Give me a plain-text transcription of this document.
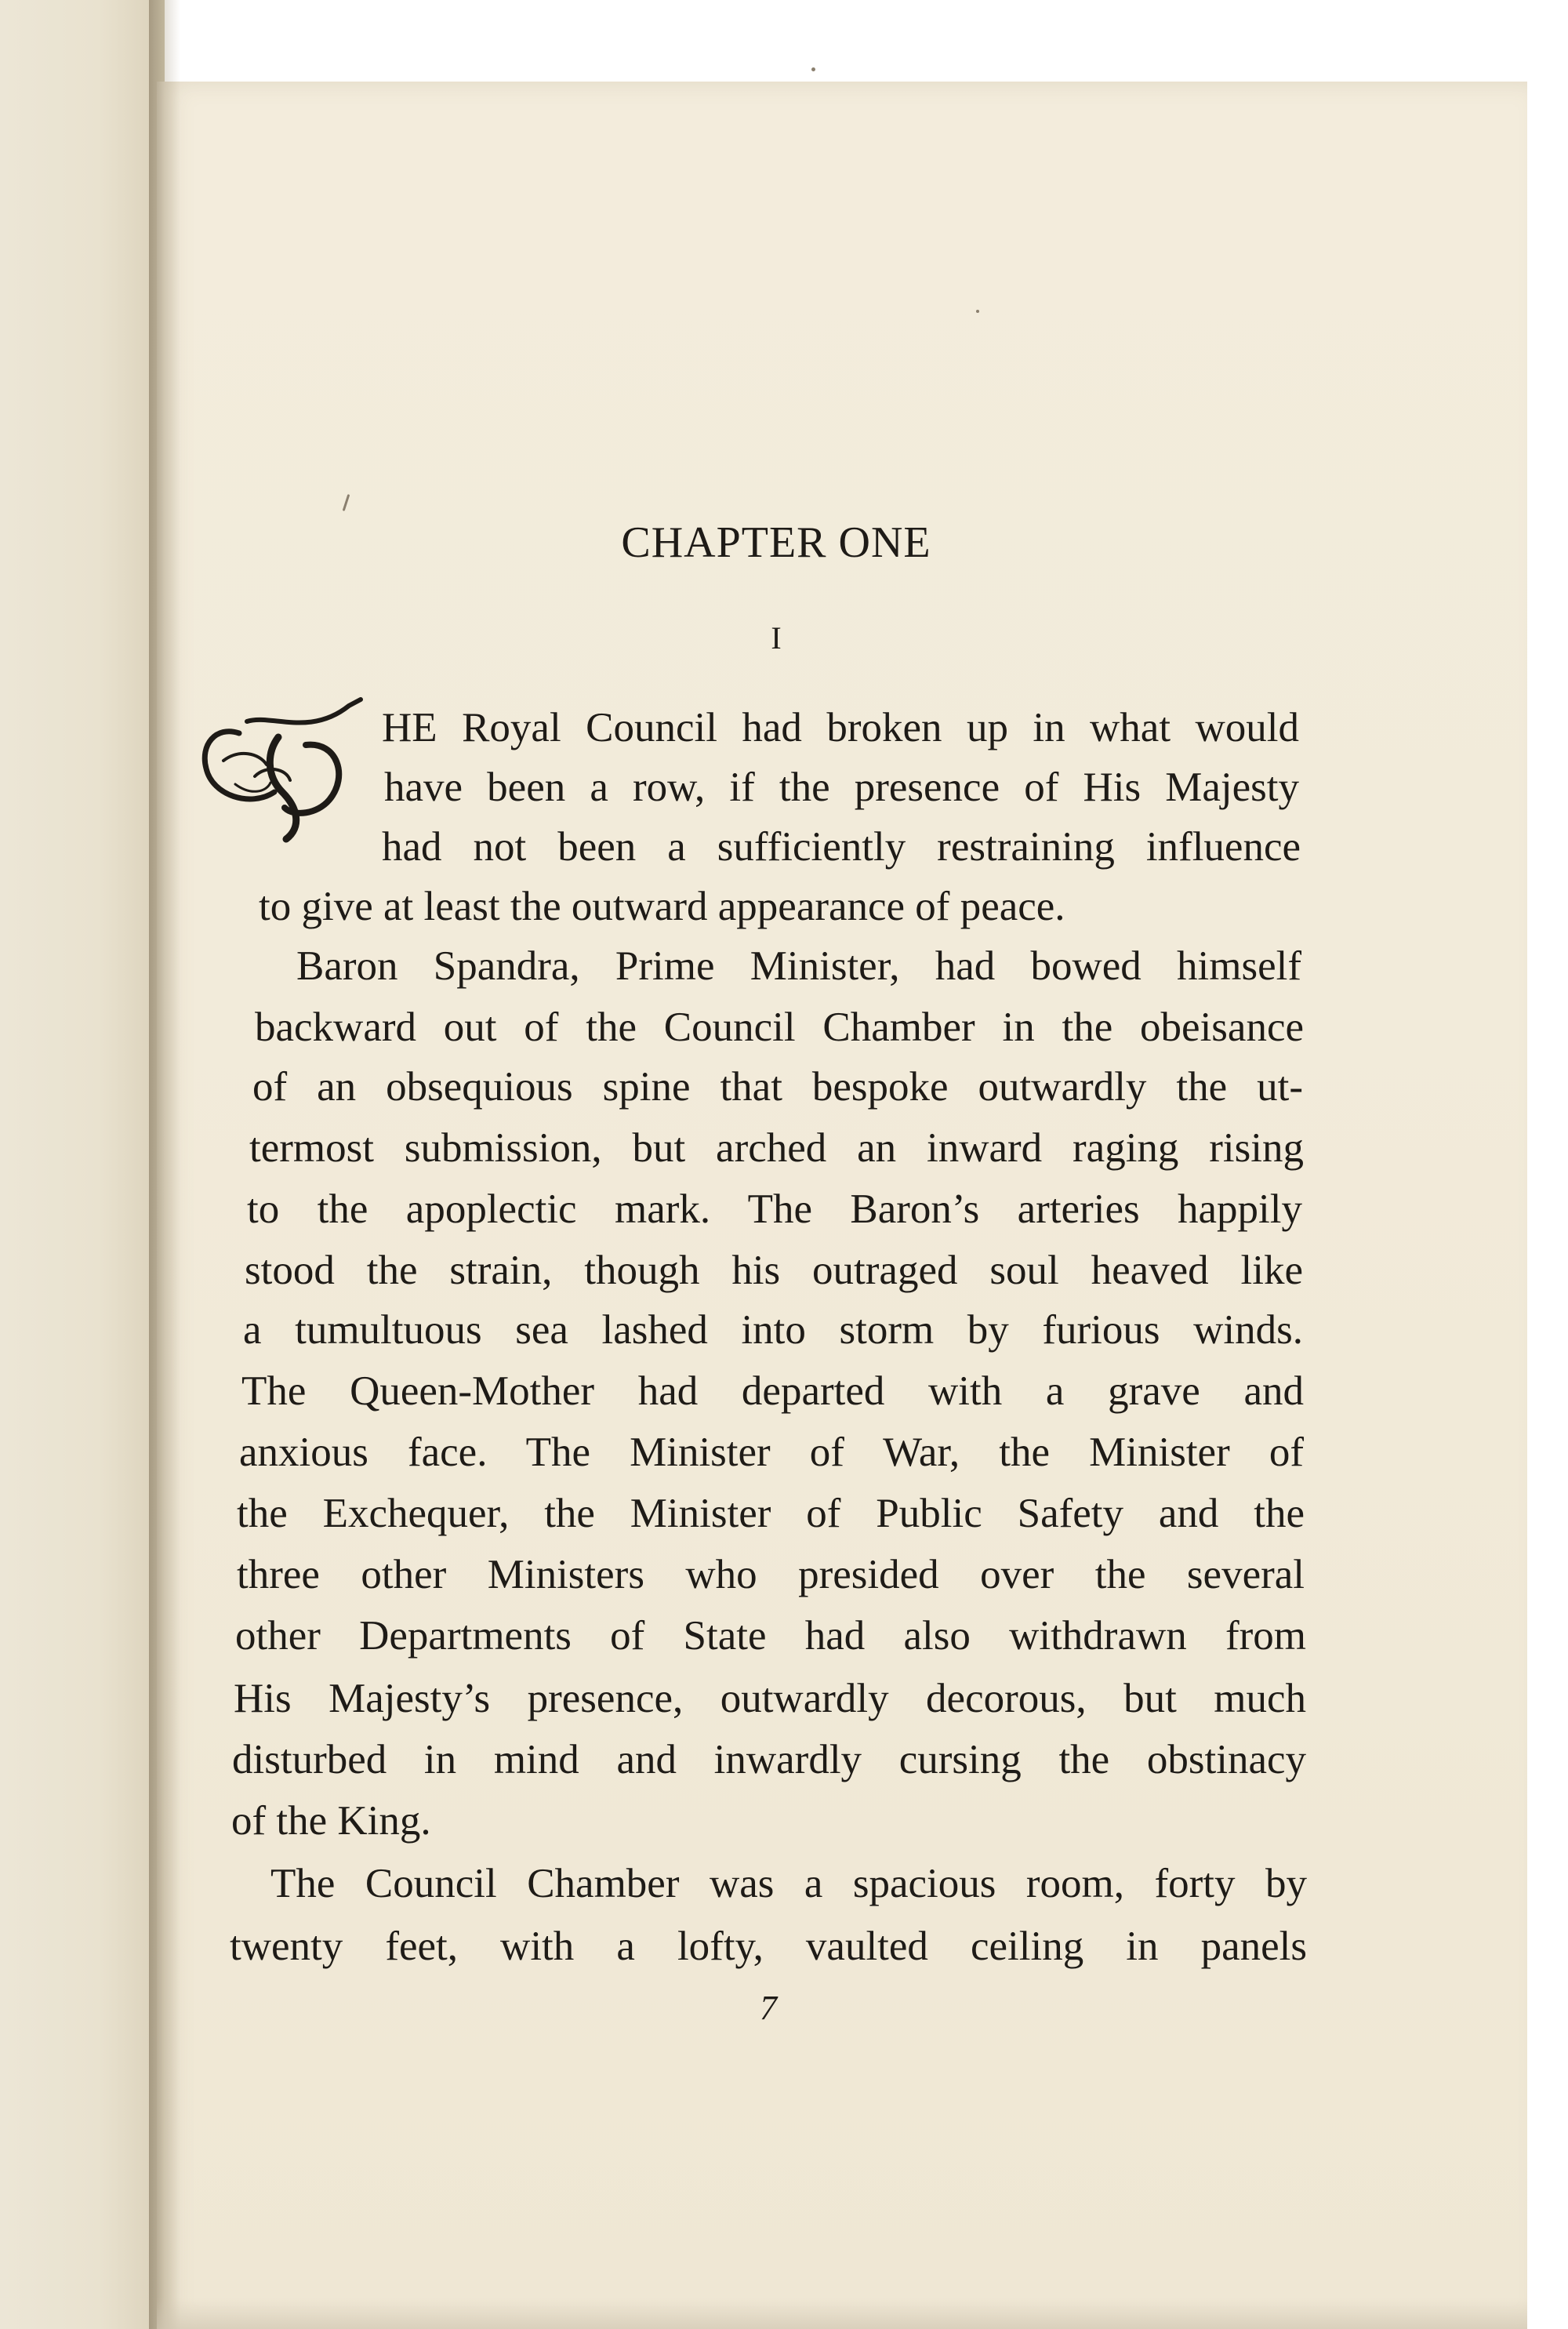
CHAPTER ONE
I
HE Royal Council had broken up in what would
have been a row, if the presence of His Majesty
had not been a sufficiently restraining influence
to give at least the outward appearance of peace.
Baron Spandra, Prime Minister, had bowed himself
backward out of the Council Chamber in the obeisance
of an obsequious spine that bespoke outwardly the ut-
termost submission, but arched an inward raging rising
to the apoplectic mark. The Baron’s arteries happily
stood the strain, though his outraged soul heaved like
a tumultuous sea lashed into storm by furious winds.
The Queen-Mother had departed with a grave and
anxious face. The Minister of War, the Minister of
the Exchequer, the Minister of Public Safety and the
three other Ministers who presided over the several
other Departments of State had also withdrawn from
His Majesty’s presence, outwardly decorous, but much
disturbed in mind and inwardly cursing the obstinacy
of the King.
The Council Chamber was a spacious room, forty by
twenty feet, with a lofty, vaulted ceiling in panels
7
